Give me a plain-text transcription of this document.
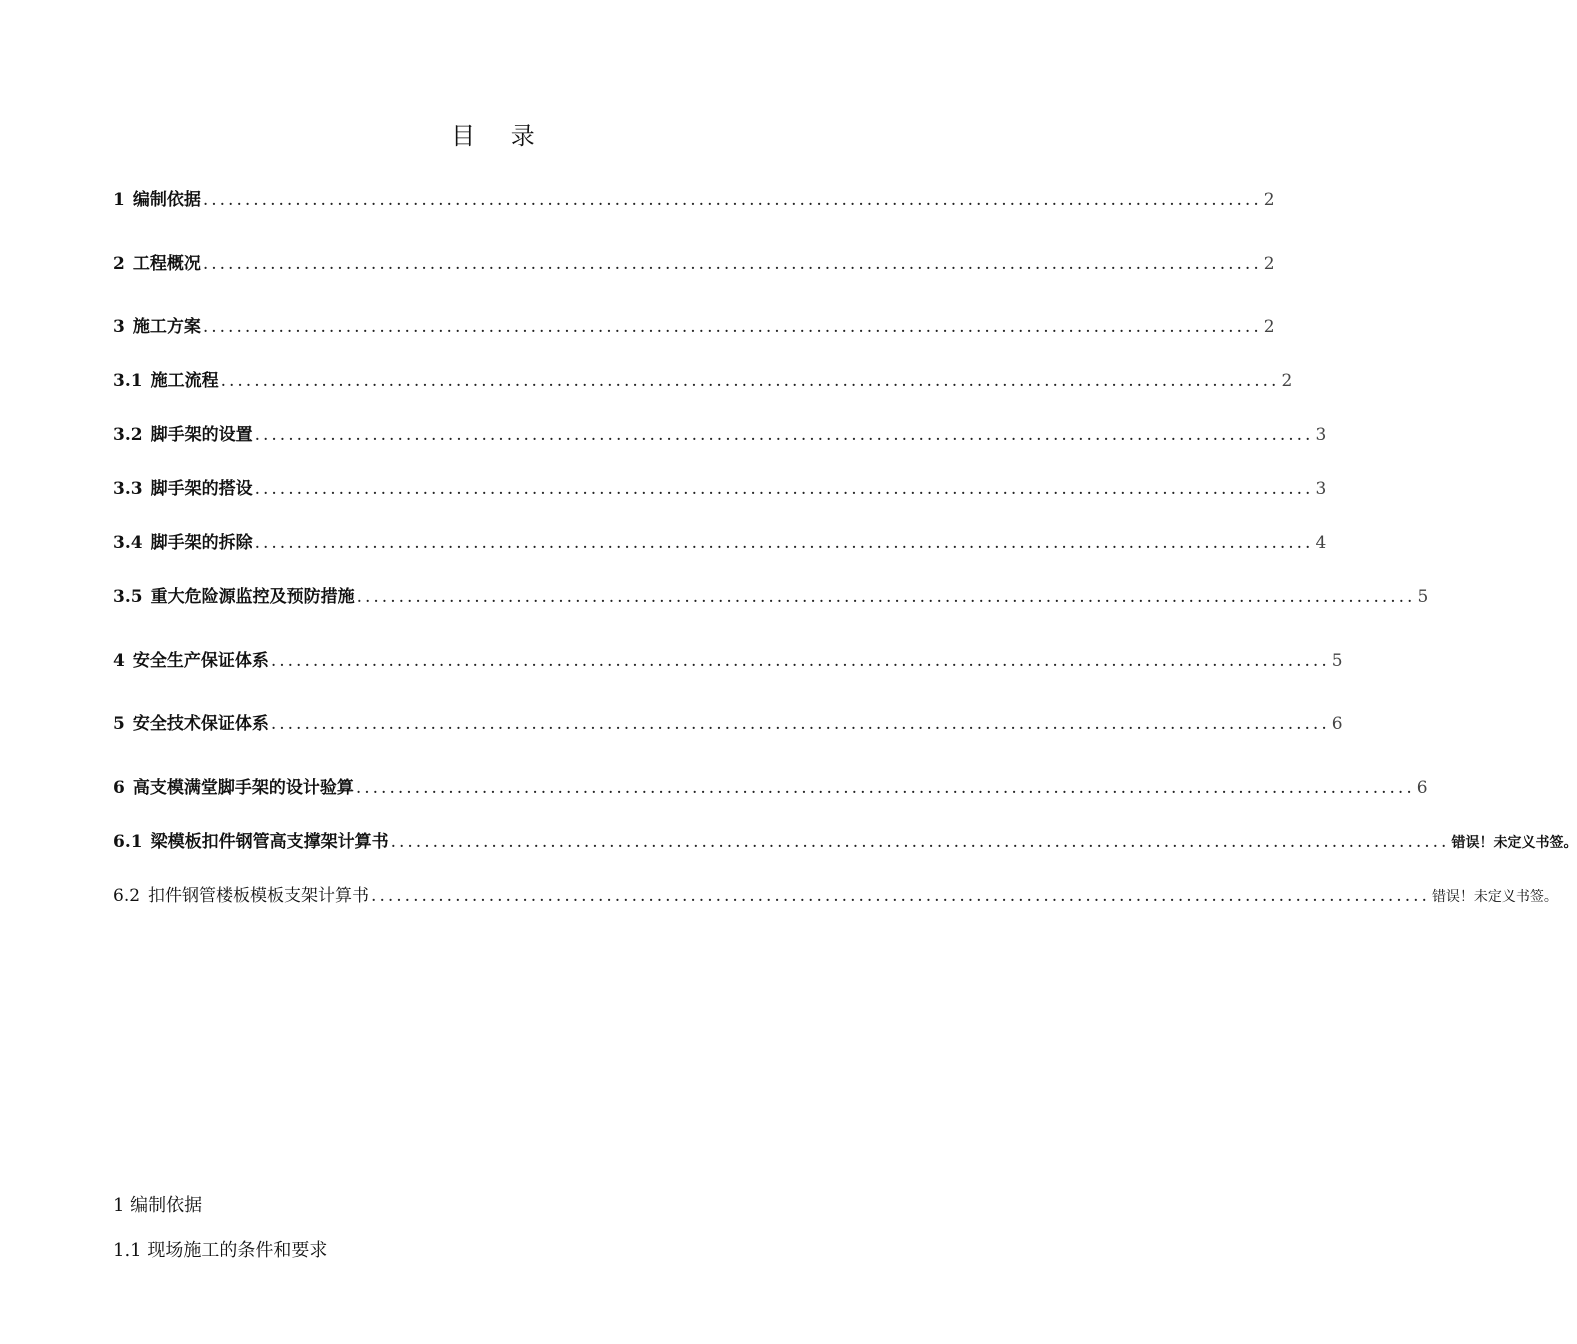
目 录
1 编制依据 .............................................................................................................................. 2
2 工程概况 .............................................................................................................................. 2
3 施工方案 .............................................................................................................................. 2
3.1 施工流程 .............................................................................................................................. 2
3.2 脚手架的设置 .............................................................................................................................. 3
3.3 脚手架的搭设 .............................................................................................................................. 3
3.4 脚手架的拆除 .............................................................................................................................. 4
3.5 重大危险源监控及预防措施 .............................................................................................................................. 5
4 安全生产保证体系 .............................................................................................................................. 5
5 安全技术保证体系 .............................................................................................................................. 6
6 高支模满堂脚手架的设计验算 .............................................................................................................................. 6
6.1 梁模板扣件钢管高支撑架计算书 .............................................................................................................................. 错误！未定义书签。
6.2 扣件钢管楼板模板支架计算书 .............................................................................................................................. 错误！未定义书签。
1 编制依据
1.1 现场施工的条件和要求
